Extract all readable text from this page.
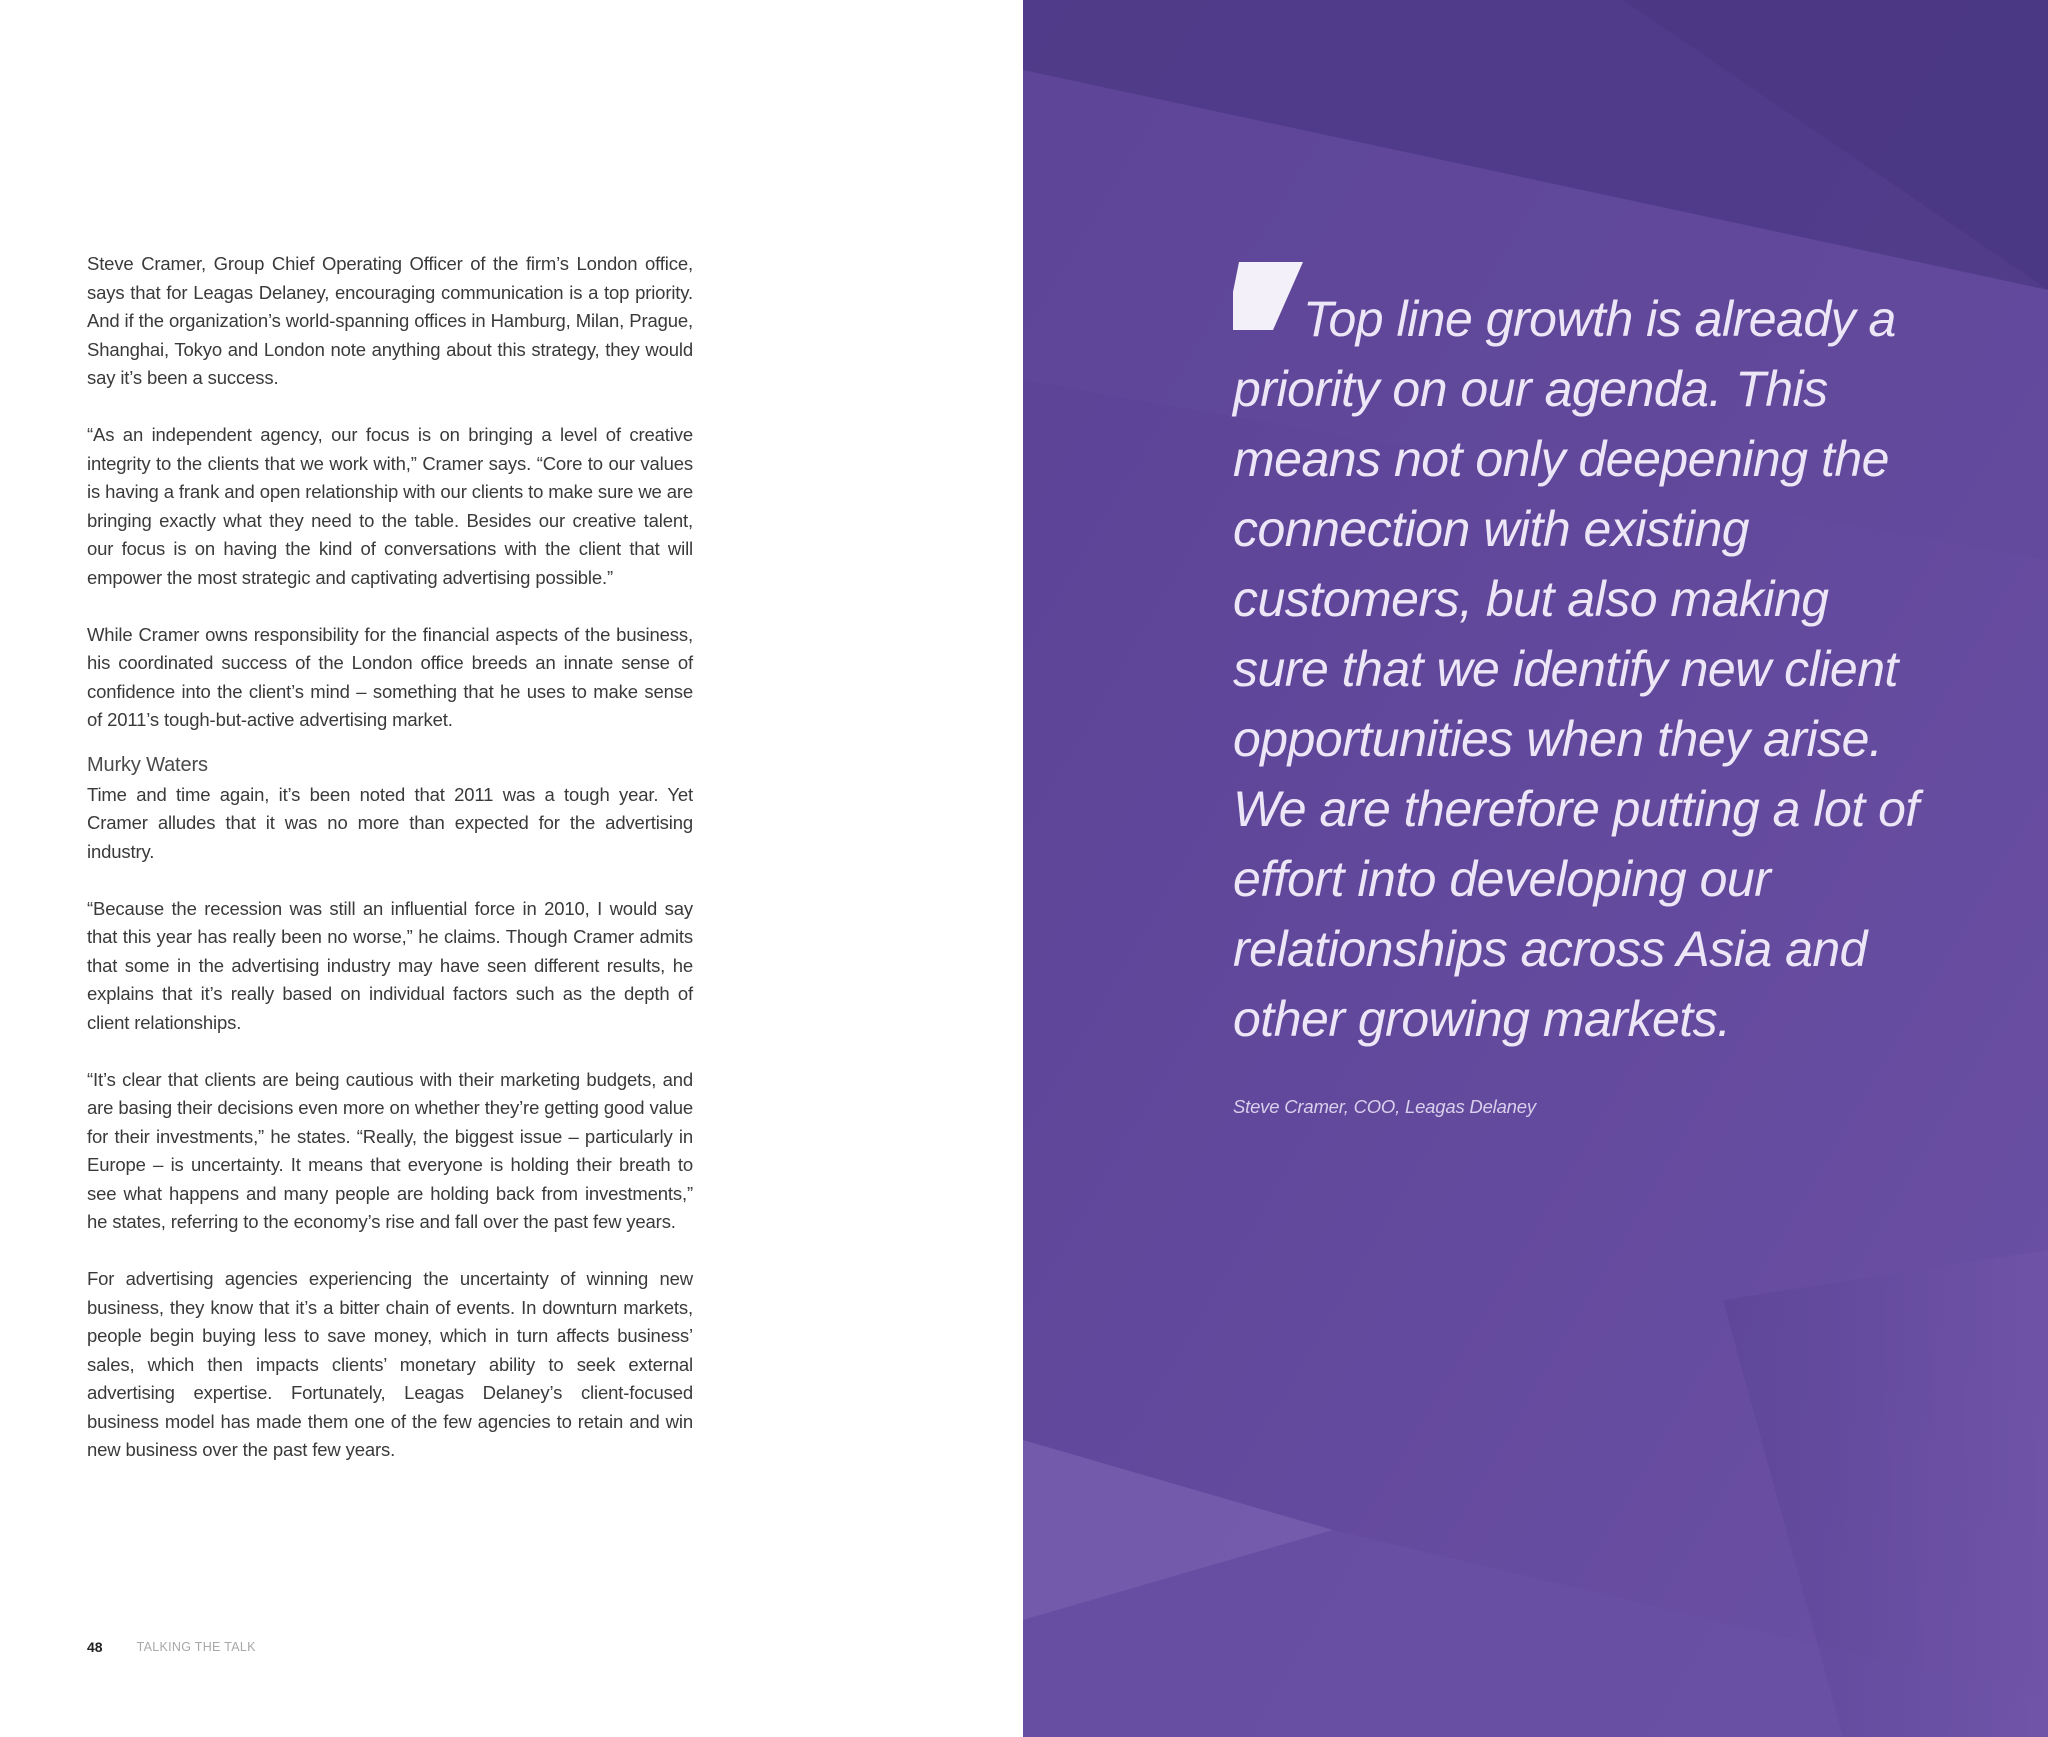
Steve Cramer, Group Chief Operating Officer of the firm’s London office, says that for Leagas Delaney, encouraging communication is a top priority. And if the organization’s world-spanning offices in Hamburg, Milan, Prague, Shanghai, Tokyo and London note anything about this strategy, they would say it’s been a success.

“As an independent agency, our focus is on bringing a level of creative integrity to the clients that we work with,” Cramer says. “Core to our values is having a frank and open relationship with our clients to make sure we are bringing exactly what they need to the table. Besides our creative talent, our focus is on having the kind of conversations with the client that will empower the most strategic and captivating advertising possible.”

While Cramer owns responsibility for the financial aspects of the business, his coordinated success of the London office breeds an innate sense of confidence into the client’s mind – something that he uses to make sense of 2011’s tough-but-active advertising market.

Murky Waters

Time and time again, it’s been noted that 2011 was a tough year. Yet Cramer alludes that it was no more than expected for the advertising industry.

“Because the recession was still an influential force in 2010, I would say that this year has really been no worse,” he claims. Though Cramer admits that some in the advertising industry may have seen different results, he explains that it’s really based on individual factors such as the depth of client relationships.

“It’s clear that clients are being cautious with their marketing budgets, and are basing their decisions even more on whether they’re getting good value for their investments,” he states. “Really, the biggest issue – particularly in Europe – is uncertainty. It means that everyone is holding their breath to see what happens and many people are holding back from investments,” he states, referring to the economy’s rise and fall over the past few years.

For advertising agencies experiencing the uncertainty of winning new business, they know that it’s a bitter chain of events. In downturn markets, people begin buying less to save money, which in turn affects business’ sales, which then impacts clients’ monetary ability to seek external advertising expertise. Fortunately, Leagas Delaney’s client-focused business model has made them one of the few agencies to retain and win new business over the past few years.

48	TALKING THE TALK

Top line growth is already a priority on our agenda. This means not only deepening the connection with existing customers, but also making sure that we identify new client opportunities when they arise. We are therefore putting a lot of effort into developing our relationships across Asia and other growing markets.

Steve Cramer, COO, Leagas Delaney
